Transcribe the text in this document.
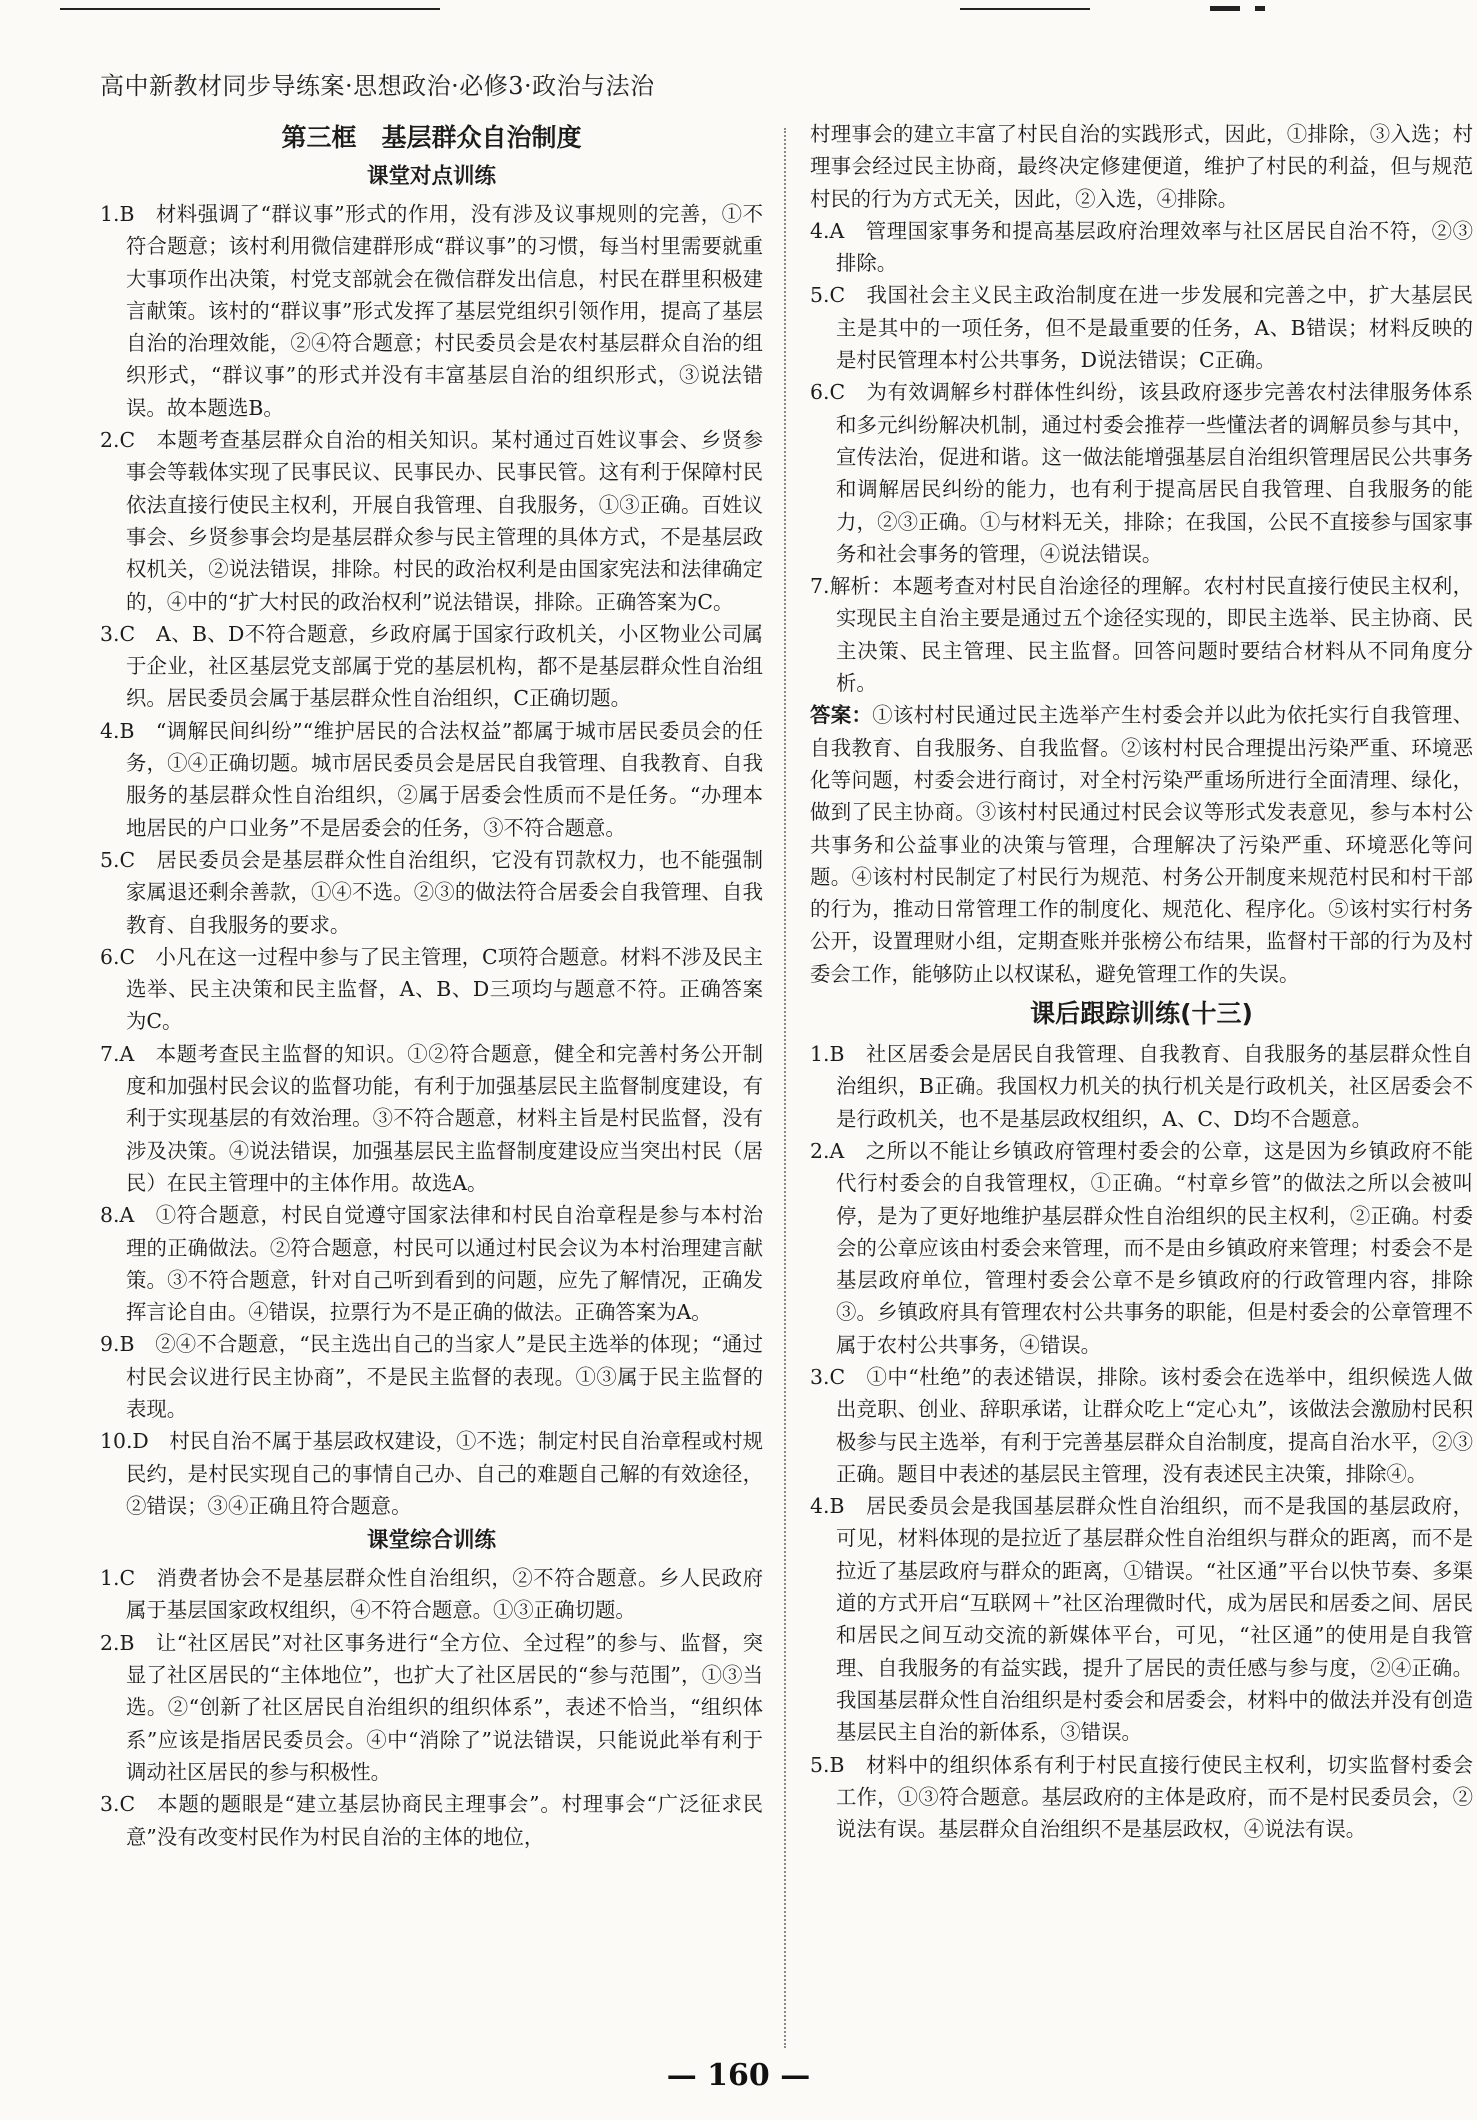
高中新教材同步导练案·思想政治·必修3·政治与法治
第三框　基层群众自治制度
课堂对点训练

1.B　材料强调了“群议事”形式的作用，没有涉及议事规则的完善，①不符合题意；该村利用微信建群形成“群议事”的习惯，每当村里需要就重大事项作出决策，村党支部就会在微信群发出信息，村民在群里积极建言献策。该村的“群议事”形式发挥了基层党组织引领作用，提高了基层自治的治理效能，②④符合题意；村民委员会是农村基层群众自治的组织形式，“群议事”的形式并没有丰富基层自治的组织形式，③说法错误。故本题选B。

2.C　本题考查基层群众自治的相关知识。某村通过百姓议事会、乡贤参事会等载体实现了民事民议、民事民办、民事民管。这有利于保障村民依法直接行使民主权利，开展自我管理、自我服务，①③正确。百姓议事会、乡贤参事会均是基层群众参与民主管理的具体方式，不是基层政权机关，②说法错误，排除。村民的政治权利是由国家宪法和法律确定的，④中的“扩大村民的政治权利”说法错误，排除。正确答案为C。

3.C　A、B、D不符合题意，乡政府属于国家行政机关，小区物业公司属于企业，社区基层党支部属于党的基层机构，都不是基层群众性自治组织。居民委员会属于基层群众性自治组织，C正确切题。

4.B　“调解民间纠纷”“维护居民的合法权益”都属于城市居民委员会的任务，①④正确切题。城市居民委员会是居民自我管理、自我教育、自我服务的基层群众性自治组织，②属于居委会性质而不是任务。“办理本地居民的户口业务”不是居委会的任务，③不符合题意。

5.C　居民委员会是基层群众性自治组织，它没有罚款权力，也不能强制家属退还剩余善款，①④不选。②③的做法符合居委会自我管理、自我教育、自我服务的要求。

6.C　小凡在这一过程中参与了民主管理，C项符合题意。材料不涉及民主选举、民主决策和民主监督，A、B、D三项均与题意不符。正确答案为C。

7.A　本题考查民主监督的知识。①②符合题意，健全和完善村务公开制度和加强村民会议的监督功能，有利于加强基层民主监督制度建设，有利于实现基层的有效治理。③不符合题意，材料主旨是村民监督，没有涉及决策。④说法错误，加强基层民主监督制度建设应当突出村民（居民）在民主管理中的主体作用。故选A。

8.A　①符合题意，村民自觉遵守国家法律和村民自治章程是参与本村治理的正确做法。②符合题意，村民可以通过村民会议为本村治理建言献策。③不符合题意，针对自己听到看到的问题，应先了解情况，正确发挥言论自由。④错误，拉票行为不是正确的做法。正确答案为A。

9.B　②④不合题意，“民主选出自己的当家人”是民主选举的体现；“通过村民会议进行民主协商”，不是民主监督的表现。①③属于民主监督的表现。

10.D　村民自治不属于基层政权建设，①不选；制定村民自治章程或村规民约，是村民实现自己的事情自己办、自己的难题自己解的有效途径，②错误；③④正确且符合题意。

课堂综合训练

1.C　消费者协会不是基层群众性自治组织，②不符合题意。乡人民政府属于基层国家政权组织，④不符合题意。①③正确切题。

2.B　让“社区居民”对社区事务进行“全方位、全过程”的参与、监督，突显了社区居民的“主体地位”，也扩大了社区居民的“参与范围”，①③当选。②“创新了社区居民自治组织的组织体系”，表述不恰当，“组织体系”应该是指居民委员会。④中“消除了”说法错误，只能说此举有利于调动社区居民的参与积极性。

3.C　本题的题眼是“建立基层协商民主理事会”。村理事会“广泛征求民意”没有改变村民作为村民自治的主体的地位，

村理事会的建立丰富了村民自治的实践形式，因此，①排除，③入选；村理事会经过民主协商，最终决定修建便道，维护了村民的利益，但与规范村民的行为方式无关，因此，②入选，④排除。

4.A　管理国家事务和提高基层政府治理效率与社区居民自治不符，②③排除。

5.C　我国社会主义民主政治制度在进一步发展和完善之中，扩大基层民主是其中的一项任务，但不是最重要的任务，A、B错误；材料反映的是村民管理本村公共事务，D说法错误；C正确。

6.C　为有效调解乡村群体性纠纷，该县政府逐步完善农村法律服务体系和多元纠纷解决机制，通过村委会推荐一些懂法者的调解员参与其中，宣传法治，促进和谐。这一做法能增强基层自治组织管理居民公共事务和调解居民纠纷的能力，也有利于提高居民自我管理、自我服务的能力，②③正确。①与材料无关，排除；在我国，公民不直接参与国家事务和社会事务的管理，④说法错误。

7.解析：本题考查对村民自治途径的理解。农村村民直接行使民主权利，实现民主自治主要是通过五个途径实现的，即民主选举、民主协商、民主决策、民主管理、民主监督。回答问题时要结合材料从不同角度分析。

答案：①该村村民通过民主选举产生村委会并以此为依托实行自我管理、自我教育、自我服务、自我监督。②该村村民合理提出污染严重、环境恶化等问题，村委会进行商讨，对全村污染严重场所进行全面清理、绿化，做到了民主协商。③该村村民通过村民会议等形式发表意见，参与本村公共事务和公益事业的决策与管理，合理解决了污染严重、环境恶化等问题。④该村村民制定了村民行为规范、村务公开制度来规范村民和村干部的行为，推动日常管理工作的制度化、规范化、程序化。⑤该村实行村务公开，设置理财小组，定期查账并张榜公布结果，监督村干部的行为及村委会工作，能够防止以权谋私，避免管理工作的失误。

课后跟踪训练(十三)

1.B　社区居委会是居民自我管理、自我教育、自我服务的基层群众性自治组织，B正确。我国权力机关的执行机关是行政机关，社区居委会不是行政机关，也不是基层政权组织，A、C、D均不合题意。

2.A　之所以不能让乡镇政府管理村委会的公章，这是因为乡镇政府不能代行村委会的自我管理权，①正确。“村章乡管”的做法之所以会被叫停，是为了更好地维护基层群众性自治组织的民主权利，②正确。村委会的公章应该由村委会来管理，而不是由乡镇政府来管理；村委会不是基层政府单位，管理村委会公章不是乡镇政府的行政管理内容，排除③。乡镇政府具有管理农村公共事务的职能，但是村委会的公章管理不属于农村公共事务，④错误。

3.C　①中“杜绝”的表述错误，排除。该村委会在选举中，组织候选人做出竞职、创业、辞职承诺，让群众吃上“定心丸”，该做法会激励村民积极参与民主选举，有利于完善基层群众自治制度，提高自治水平，②③正确。题目中表述的基层民主管理，没有表述民主决策，排除④。

4.B　居民委员会是我国基层群众性自治组织，而不是我国的基层政府，可见，材料体现的是拉近了基层群众性自治组织与群众的距离，而不是拉近了基层政府与群众的距离，①错误。“社区通”平台以快节奏、多渠道的方式开启“互联网＋”社区治理微时代，成为居民和居委之间、居民和居民之间互动交流的新媒体平台，可见，“社区通”的使用是自我管理、自我服务的有益实践，提升了居民的责任感与参与度，②④正确。我国基层群众性自治组织是村委会和居委会，材料中的做法并没有创造基层民主自治的新体系，③错误。

5.B　材料中的组织体系有利于村民直接行使民主权利，切实监督村委会工作，①③符合题意。基层政府的主体是政府，而不是村民委员会，②说法有误。基层群众自治组织不是基层政权，④说法有误。

— 160 —
